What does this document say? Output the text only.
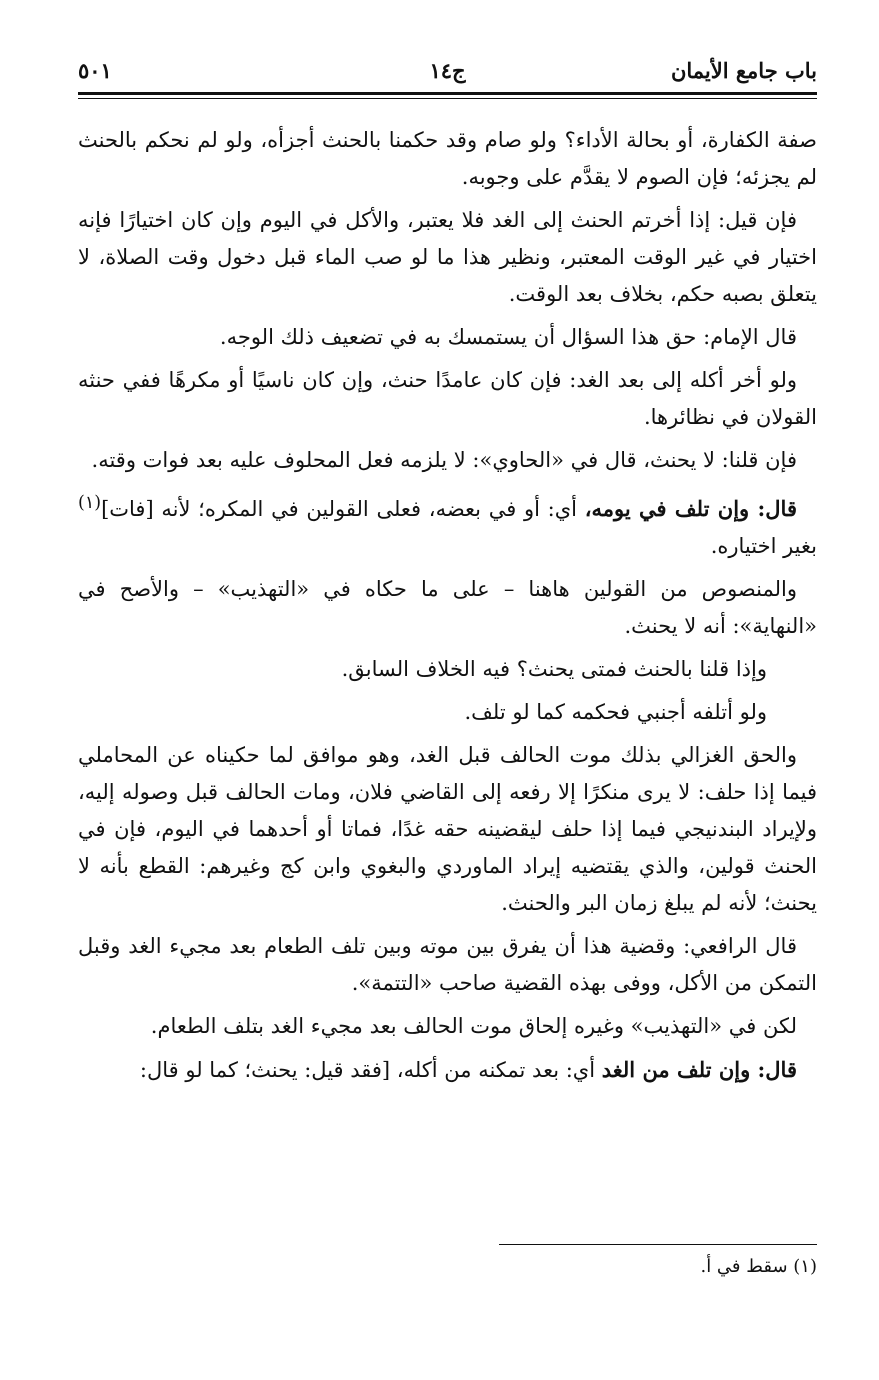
باب جامع الأيمان
ج١٤
٥٠١

صفة الكفارة، أو بحالة الأداء؟ ولو صام وقد حكمنا بالحنث أجزأه، ولو لم نحكم بالحنث لم يجزئه؛ فإن الصوم لا يقدَّم على وجوبه.

فإن قيل: إذا أخرتم الحنث إلى الغد فلا يعتبر، والأكل في اليوم وإن كان اختيارًا فإنه اختيار في غير الوقت المعتبر، ونظير هذا ما لو صب الماء قبل دخول وقت الصلاة، لا يتعلق بصبه حكم، بخلاف بعد الوقت.

قال الإمام: حق هذا السؤال أن يستمسك به في تضعيف ذلك الوجه.

ولو أخر أكله إلى بعد الغد: فإن كان عامدًا حنث، وإن كان ناسيًا أو مكرهًا ففي حنثه القولان في نظائرها.

فإن قلنا: لا يحنث، قال في «الحاوي»: لا يلزمه فعل المحلوف عليه بعد فوات وقته.

قال: وإن تلف في يومه، أي: أو في بعضه، فعلى القولين في المكره؛ لأنه [فات]$^{(١)}$ بغير اختياره.

والمنصوص من القولين هاهنا – على ما حكاه في «التهذيب» – والأصح في «النهاية»: أنه لا يحنث.

وإذا قلنا بالحنث فمتى يحنث؟ فيه الخلاف السابق.

ولو أتلفه أجنبي فحكمه كما لو تلف.

والحق الغزالي بذلك موت الحالف قبل الغد، وهو موافق لما حكيناه عن المحاملي فيما إذا حلف: لا يرى منكرًا إلا رفعه إلى القاضي فلان، ومات الحالف قبل وصوله إليه، ولإيراد البندنيجي فيما إذا حلف ليقضينه حقه غدًا، فماتا أو أحدهما في اليوم، فإن في الحنث قولين، والذي يقتضيه إيراد الماوردي والبغوي وابن كج وغيرهم: القطع بأنه لا يحنث؛ لأنه لم يبلغ زمان البر والحنث.

قال الرافعي: وقضية هذا أن يفرق بين موته وبين تلف الطعام بعد مجيء الغد وقبل التمكن من الأكل، ووفى بهذه القضية صاحب «التتمة».

لكن في «التهذيب» وغيره إلحاق موت الحالف بعد مجيء الغد بتلف الطعام.

قال: وإن تلف من الغد أي: بعد تمكنه من أكله، [فقد قيل: يحنث؛ كما لو قال:

(١) سقط في أ.
